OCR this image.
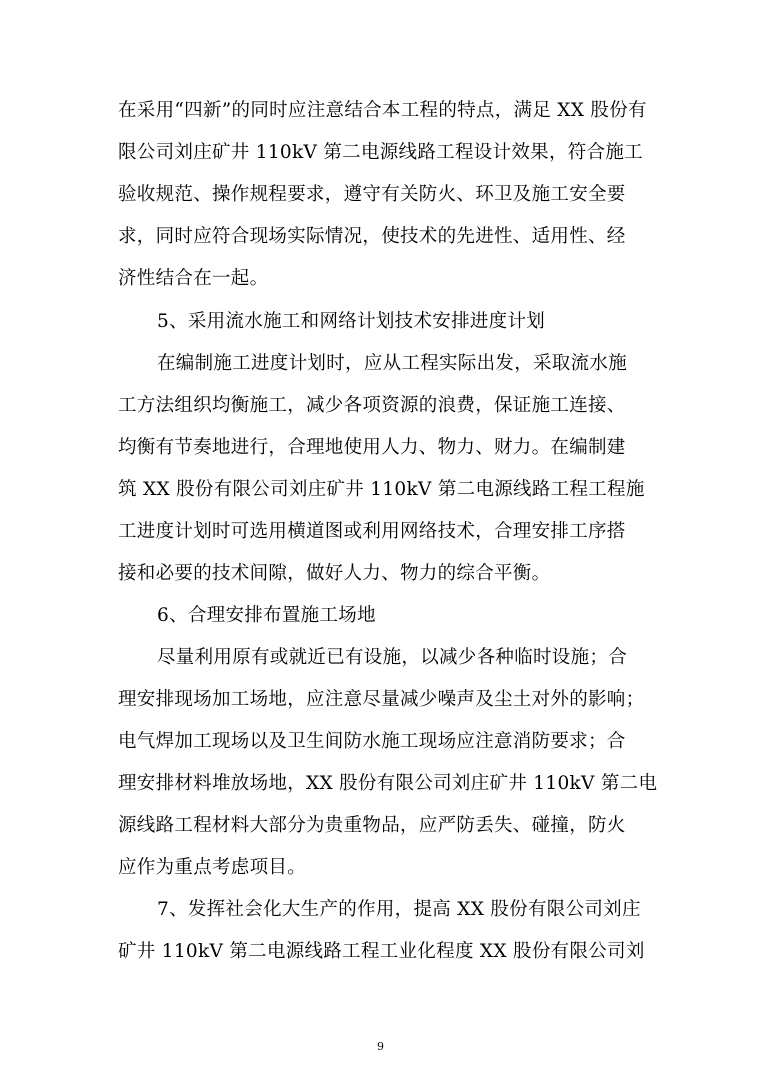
在采用“四新”的同时应注意结合本工程的特点，满足 XX 股份有
限公司刘庄矿井 110kV 第二电源线路工程设计效果，符合施工
验收规范、操作规程要求，遵守有关防火、环卫及施工安全要
求，同时应符合现场实际情况，使技术的先进性、适用性、经
济性结合在一起。
5、采用流水施工和网络计划技术安排进度计划
在编制施工进度计划时，应从工程实际出发，采取流水施
工方法组织均衡施工，减少各项资源的浪费，保证施工连接、
均衡有节奏地进行，合理地使用人力、物力、财力。在编制建
筑 XX 股份有限公司刘庄矿井 110kV 第二电源线路工程工程施
工进度计划时可选用横道图或利用网络技术，合理安排工序搭
接和必要的技术间隙，做好人力、物力的综合平衡。
6、合理安排布置施工场地
尽量利用原有或就近已有设施，以减少各种临时设施；合
理安排现场加工场地，应注意尽量减少噪声及尘土对外的影响；
电气焊加工现场以及卫生间防水施工现场应注意消防要求；合
理安排材料堆放场地，XX 股份有限公司刘庄矿井 110kV 第二电
源线路工程材料大部分为贵重物品，应严防丢失、碰撞，防火
应作为重点考虑项目。
7、发挥社会化大生产的作用，提高 XX 股份有限公司刘庄
矿井 110kV 第二电源线路工程工业化程度 XX 股份有限公司刘
9
